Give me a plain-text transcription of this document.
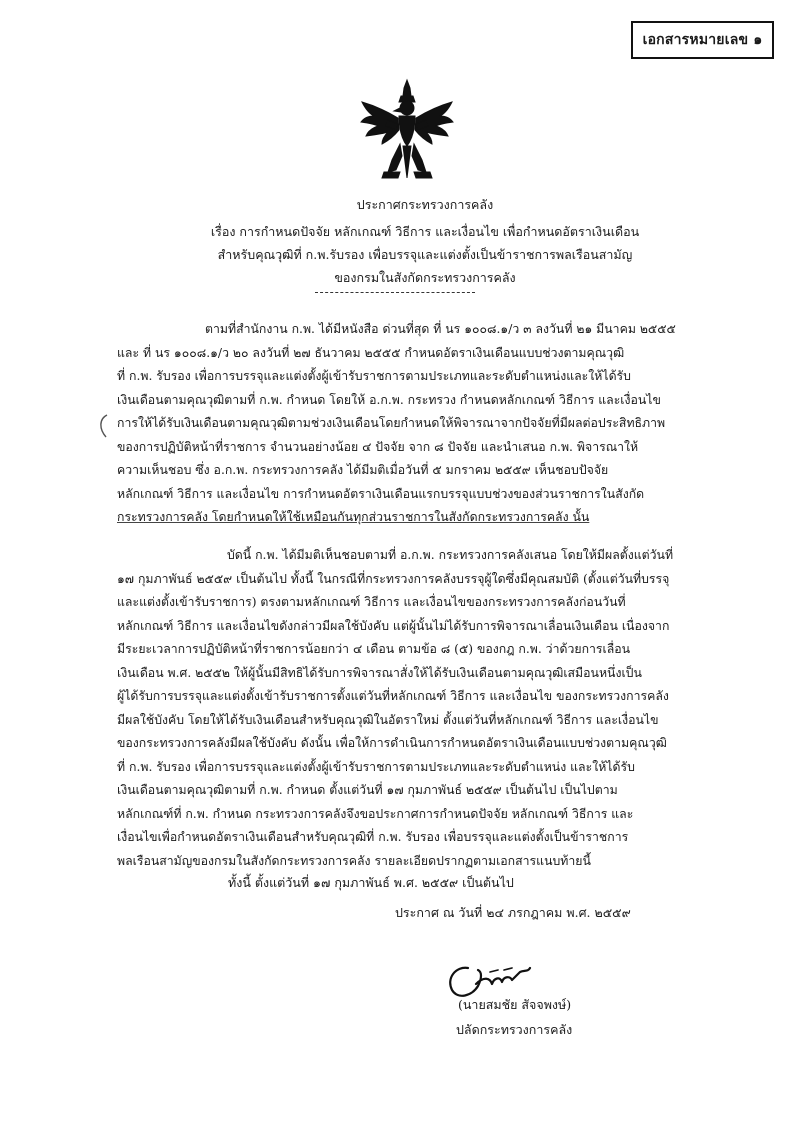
เอกสารหมายเลข ๑
ประกาศกระทรวงการคลัง
เรื่อง การกำหนดปัจจัย หลักเกณฑ์ วิธีการ และเงื่อนไข เพื่อกำหนดอัตราเงินเดือน
สำหรับคุณวุฒิที่ ก.พ.รับรอง เพื่อบรรจุและแต่งตั้งเป็นข้าราชการพลเรือนสามัญ
ของกรมในสังกัดกระทรวงการคลัง
ตามที่สำนักงาน ก.พ. ได้มีหนังสือ ด่วนที่สุด ที่ นร ๑๐๐๘.๑/ว ๓ ลงวันที่ ๒๑ มีนาคม ๒๕๕๕
และ ที่ นร ๑๐๐๘.๑/ว ๒๐ ลงวันที่ ๒๗ ธันวาคม ๒๕๕๕ กำหนดอัตราเงินเดือนแบบช่วงตามคุณวุฒิ
ที่ ก.พ. รับรอง เพื่อการบรรจุและแต่งตั้งผู้เข้ารับราชการตามประเภทและระดับตำแหน่งและให้ได้รับ
เงินเดือนตามคุณวุฒิตามที่ ก.พ. กำหนด โดยให้ อ.ก.พ. กระทรวง กำหนดหลักเกณฑ์ วิธีการ และเงื่อนไข
การให้ได้รับเงินเดือนตามคุณวุฒิตามช่วงเงินเดือนโดยกำหนดให้พิจารณาจากปัจจัยที่มีผลต่อประสิทธิภาพ
ของการปฏิบัติหน้าที่ราชการ จำนวนอย่างน้อย ๔ ปัจจัย จาก ๘ ปัจจัย และนำเสนอ ก.พ. พิจารณาให้
ความเห็นชอบ ซึ่ง อ.ก.พ. กระทรวงการคลัง ได้มีมติเมื่อวันที่ ๕ มกราคม ๒๕๕๙ เห็นชอบปัจจัย
หลักเกณฑ์ วิธีการ และเงื่อนไข การกำหนดอัตราเงินเดือนแรกบรรจุแบบช่วงของส่วนราชการในสังกัด
กระทรวงการคลัง โดยกำหนดให้ใช้เหมือนกันทุกส่วนราชการในสังกัดกระทรวงการคลัง นั้น
บัดนี้ ก.พ. ได้มีมติเห็นชอบตามที่ อ.ก.พ. กระทรวงการคลังเสนอ โดยให้มีผลตั้งแต่วันที่
๑๗ กุมภาพันธ์ ๒๕๕๙ เป็นต้นไป ทั้งนี้ ในกรณีที่กระทรวงการคลังบรรจุผู้ใดซึ่งมีคุณสมบัติ (ตั้งแต่วันที่บรรจุ
และแต่งตั้งเข้ารับราชการ) ตรงตามหลักเกณฑ์ วิธีการ และเงื่อนไขของกระทรวงการคลังก่อนวันที่
หลักเกณฑ์ วิธีการ และเงื่อนไขดังกล่าวมีผลใช้บังคับ แต่ผู้นั้นไม่ได้รับการพิจารณาเลื่อนเงินเดือน เนื่องจาก
มีระยะเวลาการปฏิบัติหน้าที่ราชการน้อยกว่า ๔ เดือน ตามข้อ ๘ (๕) ของกฎ ก.พ. ว่าด้วยการเลื่อน
เงินเดือน พ.ศ. ๒๕๕๒ ให้ผู้นั้นมีสิทธิได้รับการพิจารณาสั่งให้ได้รับเงินเดือนตามคุณวุฒิเสมือนหนึ่งเป็น
ผู้ได้รับการบรรจุและแต่งตั้งเข้ารับราชการตั้งแต่วันที่หลักเกณฑ์ วิธีการ และเงื่อนไข ของกระทรวงการคลัง
มีผลใช้บังคับ โดยให้ได้รับเงินเดือนสำหรับคุณวุฒิในอัตราใหม่ ตั้งแต่วันที่หลักเกณฑ์ วิธีการ และเงื่อนไข
ของกระทรวงการคลังมีผลใช้บังคับ ดังนั้น เพื่อให้การดำเนินการกำหนดอัตราเงินเดือนแบบช่วงตามคุณวุฒิ
ที่ ก.พ. รับรอง เพื่อการบรรจุและแต่งตั้งผู้เข้ารับราชการตามประเภทและระดับตำแหน่ง และให้ได้รับ
เงินเดือนตามคุณวุฒิตามที่ ก.พ. กำหนด ตั้งแต่วันที่ ๑๗ กุมภาพันธ์ ๒๕๕๙ เป็นต้นไป เป็นไปตาม
หลักเกณฑ์ที่ ก.พ. กำหนด กระทรวงการคลังจึงขอประกาศการกำหนดปัจจัย หลักเกณฑ์ วิธีการ และ
เงื่อนไขเพื่อกำหนดอัตราเงินเดือนสำหรับคุณวุฒิที่ ก.พ. รับรอง เพื่อบรรจุและแต่งตั้งเป็นข้าราชการ
พลเรือนสามัญของกรมในสังกัดกระทรวงการคลัง รายละเอียดปรากฏตามเอกสารแนบท้ายนี้
ทั้งนี้ ตั้งแต่วันที่ ๑๗ กุมภาพันธ์ พ.ศ. ๒๕๕๙ เป็นต้นไป
ประกาศ ณ วันที่ ๒๔ ภรกฎาคม พ.ศ. ๒๕๕๙
(นายสมชัย สัจจพงษ์)
ปลัดกระทรวงการคลัง
